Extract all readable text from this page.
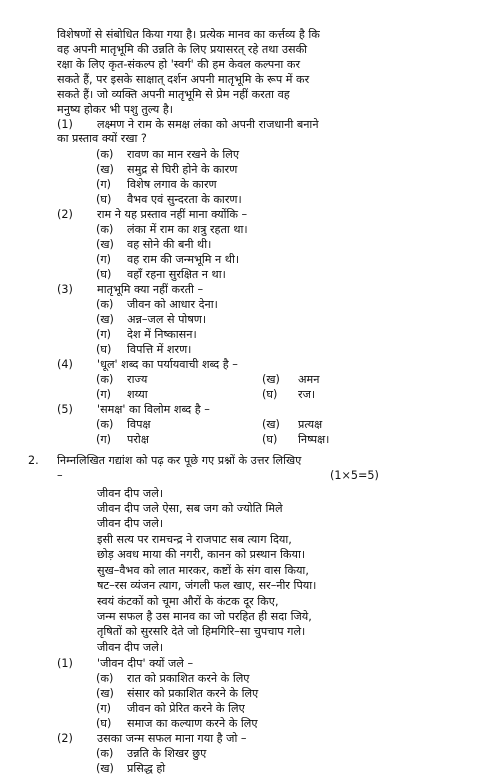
विशेषणों से संबोधित किया गया है। प्रत्येक मानव का कर्त्तव्य है कि
वह अपनी मातृभूमि की उन्नति के लिए प्रयासरत् रहे तथा उसकी
रक्षा के लिए कृत-संकल्प हो 'स्वर्ग' की हम केवल कल्पना कर
सकते हैं, पर इसके साक्षात् दर्शन अपनी मातृभूमि के रूप में कर
सकते हैं। जो व्यक्ति अपनी मातृभूमि से प्रेम नहीं करता वह
मनुष्य होकर भी पशु तुल्य है।
(1) लक्ष्मण ने राम के समक्ष लंका को अपनी राजधानी बनाने
का प्रस्ताव क्यों रखा ?
(क) रावण का मान रखने के लिए
(ख) समुद्र से घिरी होने के कारण
(ग) विशेष लगाव के कारण
(घ) वैभव एवं सुन्दरता के कारण।
(2) राम ने यह प्रस्ताव नहीं माना क्योंकि –
(क) लंका में राम का शत्रु रहता था।
(ख) वह सोने की बनी थी।
(ग) वह राम की जन्मभूमि न थी।
(घ) वहाँ रहना सुरक्षित न था।
(3) मातृभूमि क्या नहीं करती –
(क) जीवन को आधार देना।
(ख) अन्न–जल से पोषण।
(ग) देश में निष्कासन।
(घ) विपत्ति में शरण।
(4) 'धूल' शब्द का पर्यायवाची शब्द है –
(क) राज्य	(ख) अमन
(ग) शय्या	(घ) रज।
(5) 'समक्ष' का विलोम शब्द है –
(क) विपक्ष	(ख) प्रत्यक्ष
(ग) परोक्ष	(घ) निष्पक्ष।
2. निम्नलिखित गद्यांश को पढ़ कर पूछे गए प्रश्नों के उत्तर लिखिए
–	(1×5=5)
जीवन दीप जले।
जीवन दीप जले ऐसा, सब जग को ज्योति मिले
जीवन दीप जले।
इसी सत्य पर रामचन्द्र ने राजपाट सब त्याग दिया,
छोड़ अवध माया की नगरी, कानन को प्रस्थान किया।
सुख–वैभव को लात मारकर, कष्टों के संग वास किया,
षट–रस व्यंजन त्याग, जंगली फल खाए, सर–नीर पिया।
स्वयं कंटकों को चूमा औरों के कंटक दूर किए,
जन्म सफल है उस मानव का जो परहित ही सदा जिये,
तृषितों को सुरसरि देते जो हिमगिरि–सा चुपचाप गले।
जीवन दीप जले।
(1) 'जीवन दीप' क्यों जले –
(क) रात को प्रकाशित करने के लिए
(ख) संसार को प्रकाशित करने के लिए
(ग) जीवन को प्रेरित करने के लिए
(घ) समाज का कल्याण करने के लिए
(2) उसका जन्म सफल माना गया है जो –
(क) उन्नति के शिखर छुए
(ख) प्रसिद्ध हो
